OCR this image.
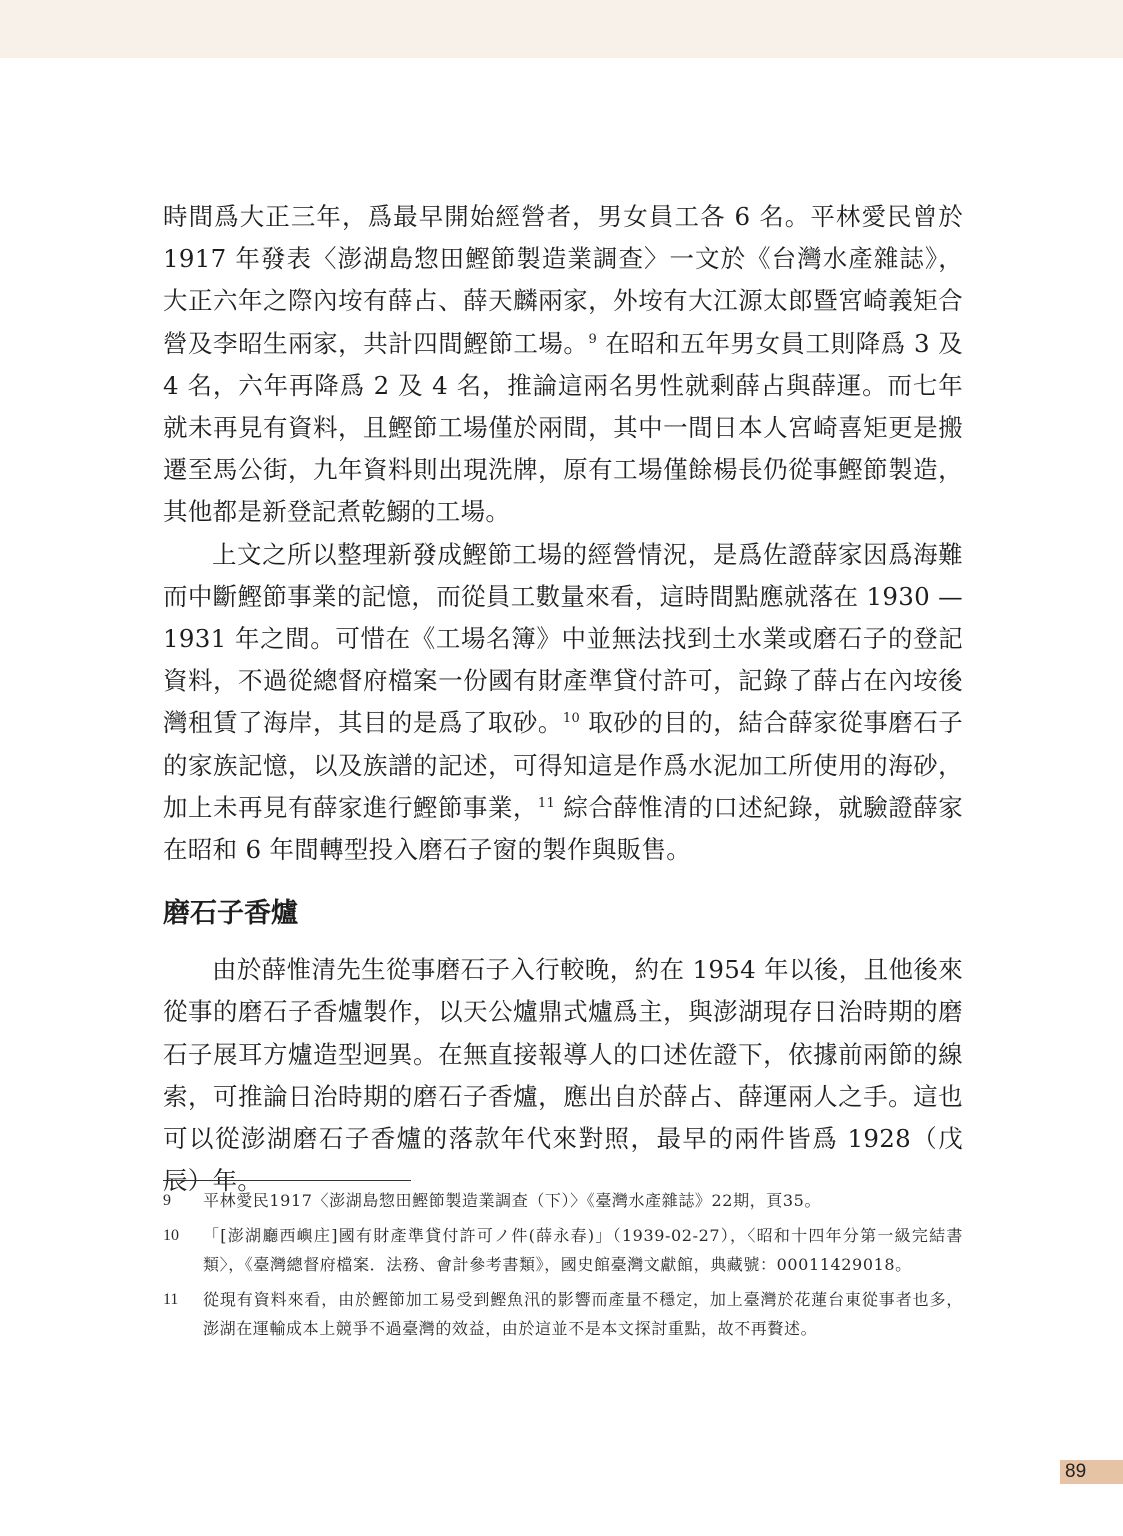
時間爲大正三年，爲最早開始經營者，男女員工各 6 名。平林愛民曾於 1917 年發表〈澎湖島惣田鰹節製造業調查〉一文於《台灣水產雜誌》，大正六年之際內垵有薛占、薛天麟兩家，外垵有大江源太郎暨宮崎義矩合營及李昭生兩家，共計四間鰹節工場。$^9$ 在昭和五年男女員工則降爲 3 及 4 名，六年再降爲 2 及 4 名，推論這兩名男性就剩薛占與薛運。而七年就未再見有資料，且鰹節工場僅於兩間，其中一間日本人宮崎喜矩更是搬遷至馬公街，九年資料則出現洗牌，原有工場僅餘楊長仍從事鰹節製造，其他都是新登記煮乾鰯的工場。

上文之所以整理新發成鰹節工場的經營情況，是爲佐證薛家因爲海難而中斷鰹節事業的記憶，而從員工數量來看，這時間點應就落在 1930 — 1931 年之間。可惜在《工場名簿》中並無法找到土水業或磨石子的登記資料，不過從總督府檔案一份國有財產準貸付許可，記錄了薛占在內垵後灣租賃了海岸，其目的是爲了取砂。$^{10}$ 取砂的目的，結合薛家從事磨石子的家族記憶，以及族譜的記述，可得知這是作爲水泥加工所使用的海砂，加上未再見有薛家進行鰹節事業，$^{11}$ 綜合薛惟清的口述紀錄，就驗證薛家在昭和 6 年間轉型投入磨石子窗的製作與販售。

磨石子香爐

由於薛惟清先生從事磨石子入行較晚，約在 1954 年以後，且他後來從事的磨石子香爐製作，以天公爐鼎式爐爲主，與澎湖現存日治時期的磨石子展耳方爐造型迥異。在無直接報導人的口述佐證下，依據前兩節的線索，可推論日治時期的磨石子香爐，應出自於薛占、薛運兩人之手。這也可以從澎湖磨石子香爐的落款年代來對照，最早的兩件皆爲 1928（戊辰）年。

9	平林愛民1917〈澎湖島惣田鰹節製造業調查（下）〉《臺灣水產雜誌》22期，頁35。
10	「[澎湖廳西嶼庄]國有財產準貸付許可ノ件(薛永春)」（1939-02-27），〈昭和十四年分第一級完結書類〉，《臺灣總督府檔案．法務、會計參考書類》，國史館臺灣文獻館，典藏號：00011429018。
11	從現有資料來看，由於鰹節加工易受到鰹魚汛的影響而產量不穩定，加上臺灣於花蓮台東從事者也多，澎湖在運輸成本上競爭不過臺灣的效益，由於這並不是本文探討重點，故不再贅述。
89
